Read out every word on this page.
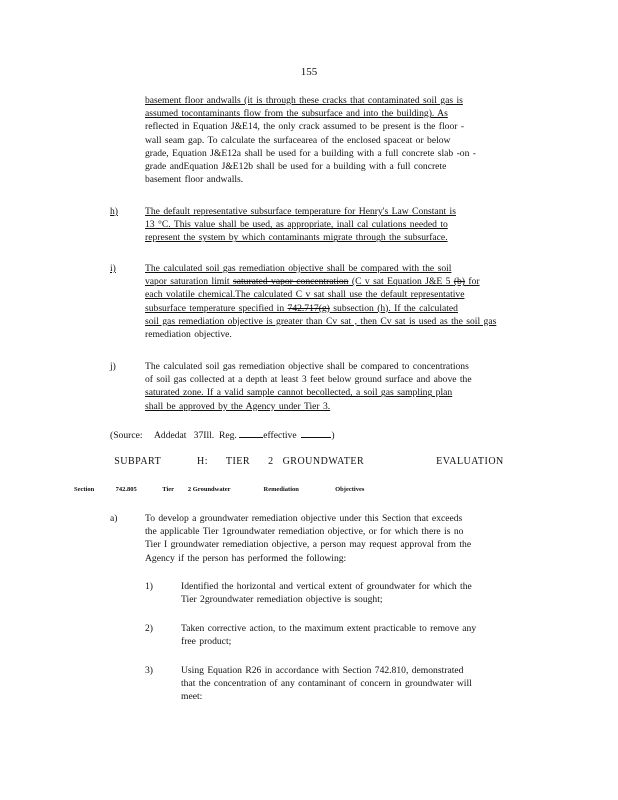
155
basement floor andwalls (it is through these cracks that contaminated soil gas is
assumed tocontaminants flow from the subsurface and into the building). As
reflected in Equation J&E14, the only crack assumed to be present is the floor -
wall seam gap. To calculate the surfacearea of the enclosed spaceat or below
grade, Equation J&E12a shall be used for a building with a full concrete slab -on -
grade andEquation J&E12b shall be used for a building with a full concrete
basement floor andwalls.
h)	The default representative subsurface temperature for Henry's Law Constant is
13 °C. This value shall be used, as appropriate, inall cal culations needed to
represent the system by which contaminants migrate through the subsurface.
i)	The calculated soil gas remediation objective shall be compared with the soil
vapor saturation limit saturated vapor concentration (C v sat Equation J&E 5 (b) for
each volatile chemical.The calculated C v sat shall use the default representative
subsurface temperature specified in 742.717(g) subsection (h). If the calculated
soil gas remediation objective is greater than Cv sat , then Cv sat is used as the soil gas
remediation objective.
j)	The calculated soil gas remediation objective shall be compared to concentrations
of soil gas collected at a depth at least 3 feet below ground surface and above the
saturated zone. If a valid sample cannot becollected, a soil gas sampling plan
shall be approved by the Agency under Tier 3.
(Source:     Addedat   37Ill.  Reg.	effective	)
SUBPART    H:  TIER  2 GROUNDWATER        EVALUATION
Section	742.805	Tier 2 Groundwater	Remediation	Objectives
a)	To develop a groundwater remediation objective under this Section that exceeds
the applicable Tier 1groundwater remediation objective, or for which there is no
Tier I groundwater remediation objective, a person may request approval from the
Agency if the person has performed the following:
1)	Identified the horizontal and vertical extent of groundwater for which the
Tier 2groundwater remediation objective is sought;
2)	Taken corrective action, to the maximum extent practicable to remove any
free product;
3)	Using Equation R26 in accordance with Section 742.810, demonstrated
that the concentration of any contaminant of concern in groundwater will
meet:
